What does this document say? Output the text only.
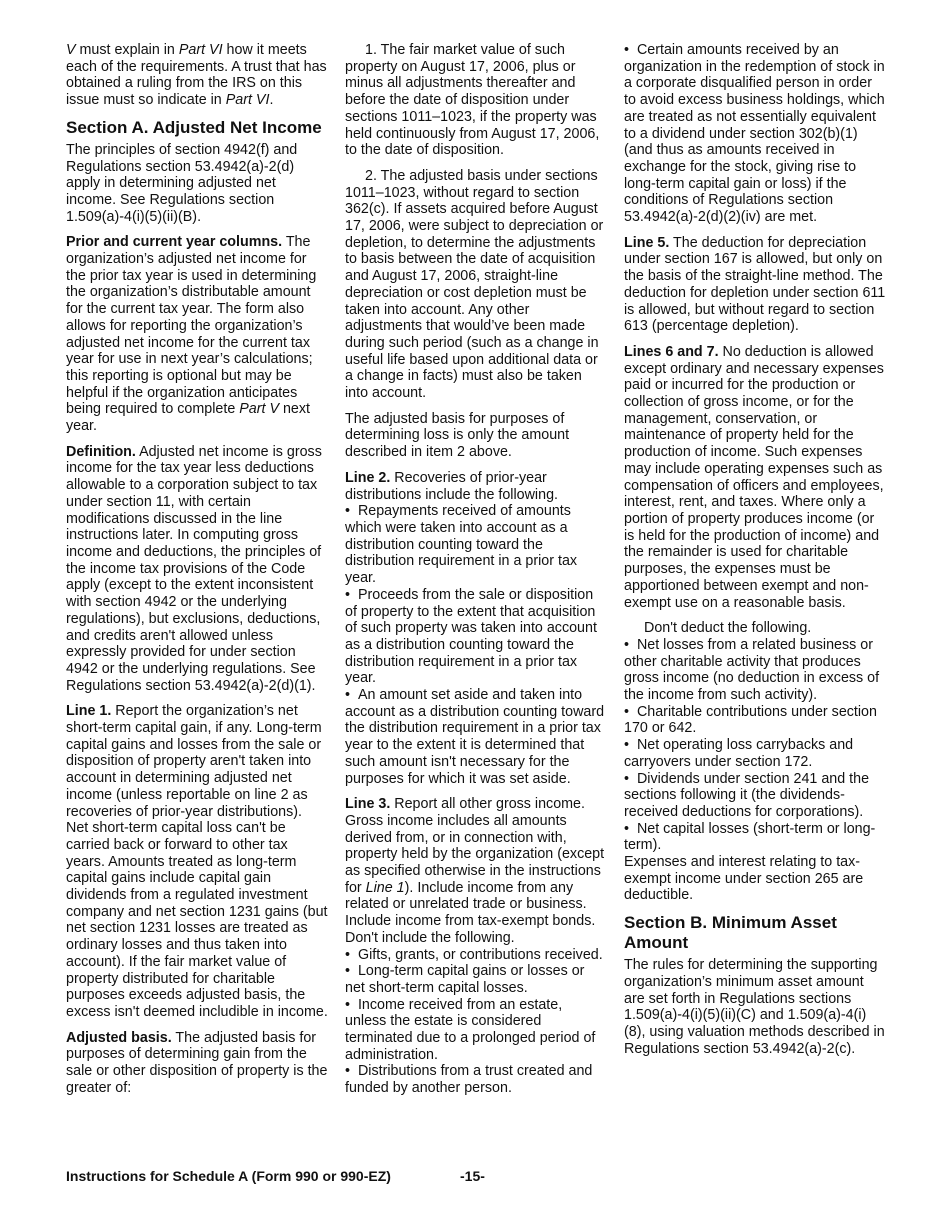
V must explain in Part VI how it meets each of the requirements. A trust that has obtained a ruling from the IRS on this issue must so indicate in Part VI.

Section A. Adjusted Net Income

The principles of section 4942(f) and Regulations section 53.4942(a)-2(d) apply in determining adjusted net income. See Regulations section 1.509(a)-4(i)(5)(ii)(B).

Prior and current year columns. The organization’s adjusted net income for the prior tax year is used in determining the organization’s distributable amount for the current tax year. The form also allows for reporting the organization’s adjusted net income for the current tax year for use in next year’s calculations; this reporting is optional but may be helpful if the organization anticipates being required to complete Part V next year.

Definition. Adjusted net income is gross income for the tax year less deductions allowable to a corporation subject to tax under section 11, with certain modifications discussed in the line instructions later. In computing gross income and deductions, the principles of the income tax provisions of the Code apply (except to the extent inconsistent with section 4942 or the underlying regulations), but exclusions, deductions, and credits aren't allowed unless expressly provided for under section 4942 or the underlying regulations. See Regulations section 53.4942(a)-2(d)(1).

Line 1. Report the organization’s net short-term capital gain, if any. Long-term capital gains and losses from the sale or disposition of property aren't taken into account in determining adjusted net income (unless reportable on line 2 as recoveries of prior-year distributions). Net short-term capital loss can't be carried back or forward to other tax years. Amounts treated as long-term capital gains include capital gain dividends from a regulated investment company and net section 1231 gains (but net section 1231 losses are treated as ordinary losses and thus taken into account). If the fair market value of property distributed for charitable purposes exceeds adjusted basis, the excess isn't deemed includible in income.

Adjusted basis. The adjusted basis for purposes of determining gain from the sale or other disposition of property is the greater of:

1. The fair market value of such property on August 17, 2006, plus or minus all adjustments thereafter and before the date of disposition under sections 1011–1023, if the property was held continuously from August 17, 2006, to the date of disposition.

2. The adjusted basis under sections 1011–1023, without regard to section 362(c). If assets acquired before August 17, 2006, were subject to depreciation or depletion, to determine the adjustments to basis between the date of acquisition and August 17, 2006, straight-line depreciation or cost depletion must be taken into account. Any other adjustments that would’ve been made during such period (such as a change in useful life based upon additional data or a change in facts) must also be taken into account.

The adjusted basis for purposes of determining loss is only the amount described in item 2 above.

Line 2. Recoveries of prior-year distributions include the following.

•  Repayments received of amounts which were taken into account as a distribution counting toward the distribution requirement in a prior tax year.

•  Proceeds from the sale or disposition of property to the extent that acquisition of such property was taken into account as a distribution counting toward the distribution requirement in a prior tax year.

•  An amount set aside and taken into account as a distribution counting toward the distribution requirement in a prior tax year to the extent it is determined that such amount isn't necessary for the purposes for which it was set aside.

Line 3. Report all other gross income. Gross income includes all amounts derived from, or in connection with, property held by the organization (except as specified otherwise in the instructions for Line 1). Include income from any related or unrelated trade or business. Include income from tax-exempt bonds. Don't include the following.

•  Gifts, grants, or contributions received.

•  Long-term capital gains or losses or net short-term capital losses.

•  Income received from an estate, unless the estate is considered terminated due to a prolonged period of administration.

•  Distributions from a trust created and funded by another person.

•  Certain amounts received by an organization in the redemption of stock in a corporate disqualified person in order to avoid excess business holdings, which are treated as not essentially equivalent to a dividend under section 302(b)(1) (and thus as amounts received in exchange for the stock, giving rise to long-term capital gain or loss) if the conditions of Regulations section 53.4942(a)-2(d)(2)(iv) are met.

Line 5. The deduction for depreciation under section 167 is allowed, but only on the basis of the straight-line method. The deduction for depletion under section 611 is allowed, but without regard to section 613 (percentage depletion).

Lines 6 and 7. No deduction is allowed except ordinary and necessary expenses paid or incurred for the production or collection of gross income, or for the management, conservation, or maintenance of property held for the production of income. Such expenses may include operating expenses such as compensation of officers and employees, interest, rent, and taxes. Where only a portion of property produces income (or is held for the production of income) and the remainder is used for charitable purposes, the expenses must be apportioned between exempt and non-exempt use on a reasonable basis.

Don't deduct the following.

•  Net losses from a related business or other charitable activity that produces gross income (no deduction in excess of the income from such activity).

•  Charitable contributions under section 170 or 642.

•  Net operating loss carrybacks and carryovers under section 172.

•  Dividends under section 241 and the sections following it (the dividends-received deductions for corporations).

•  Net capital losses (short-term or long-term).

Expenses and interest relating to tax-exempt income under section 265 are deductible.

Section B. Minimum Asset Amount

The rules for determining the supporting organization’s minimum asset amount are set forth in Regulations sections 1.509(a)-4(i)(5)(ii)(C) and 1.509(a)-4(i)(8), using valuation methods described in Regulations section 53.4942(a)-2(c).

Instructions for Schedule A (Form 990 or 990-EZ)	-15-
